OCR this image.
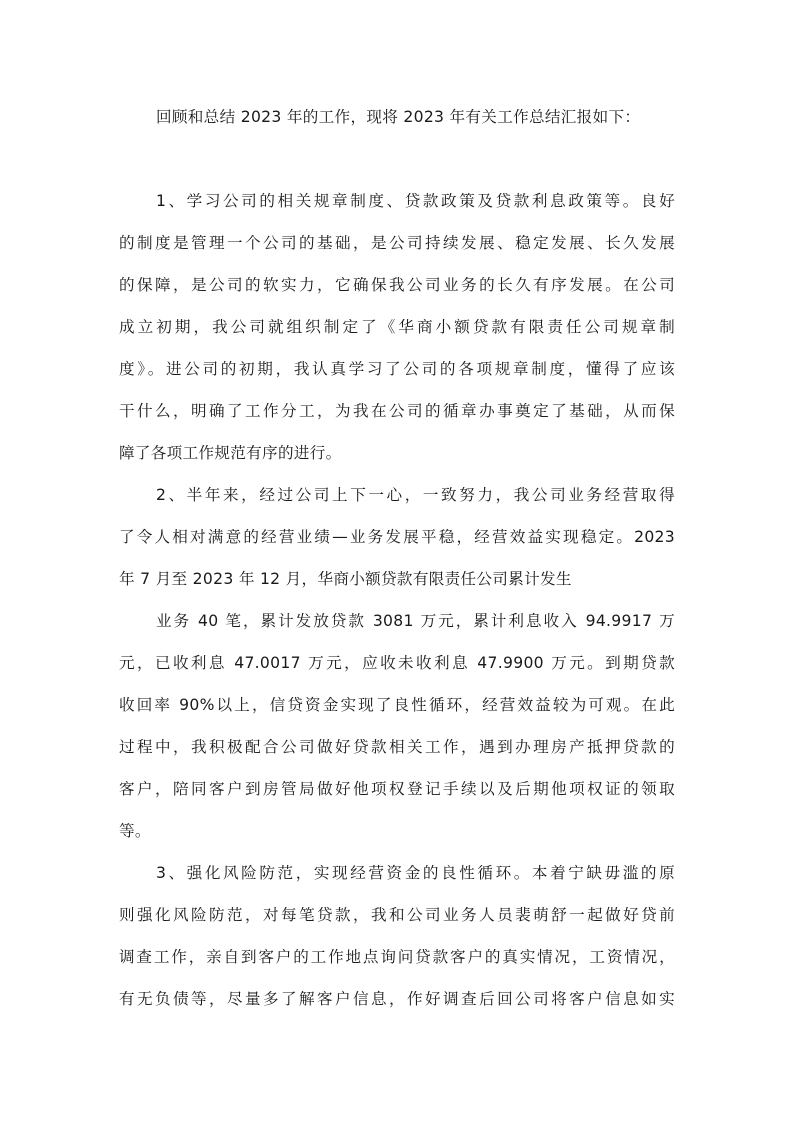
回顾和总结 2023 年的工作，现将 2023 年有关工作总结汇报如下：
1、学习公司的相关规章制度、贷款政策及贷款利息政策等。良好
的制度是管理一个公司的基础，是公司持续发展、稳定发展、长久发展
的保障，是公司的软实力，它确保我公司业务的长久有序发展。在公司
成立初期，我公司就组织制定了《华商小额贷款有限责任公司规章制
度》。进公司的初期，我认真学习了公司的各项规章制度，懂得了应该
干什么，明确了工作分工，为我在公司的循章办事奠定了基础，从而保
障了各项工作规范有序的进行。
2、半年来，经过公司上下一心，一致努力，我公司业务经营取得
了令人相对满意的经营业绩—业务发展平稳，经营效益实现稳定。2023
年 7 月至 2023 年 12 月，华商小额贷款有限责任公司累计发生
业务 40 笔，累计发放贷款 3081 万元，累计利息收入 94.9917 万
元，已收利息 47.0017 万元，应收未收利息 47.9900 万元。到期贷款
收回率 90%以上，信贷资金实现了良性循环，经营效益较为可观。在此
过程中，我积极配合公司做好贷款相关工作，遇到办理房产抵押贷款的
客户，陪同客户到房管局做好他项权登记手续以及后期他项权证的领取
等。
3、强化风险防范，实现经营资金的良性循环。本着宁缺毋滥的原
则强化风险防范，对每笔贷款，我和公司业务人员裴萌舒一起做好贷前
调查工作，亲自到客户的工作地点询问贷款客户的真实情况，工资情况，
有无负债等，尽量多了解客户信息，作好调查后回公司将客户信息如实
